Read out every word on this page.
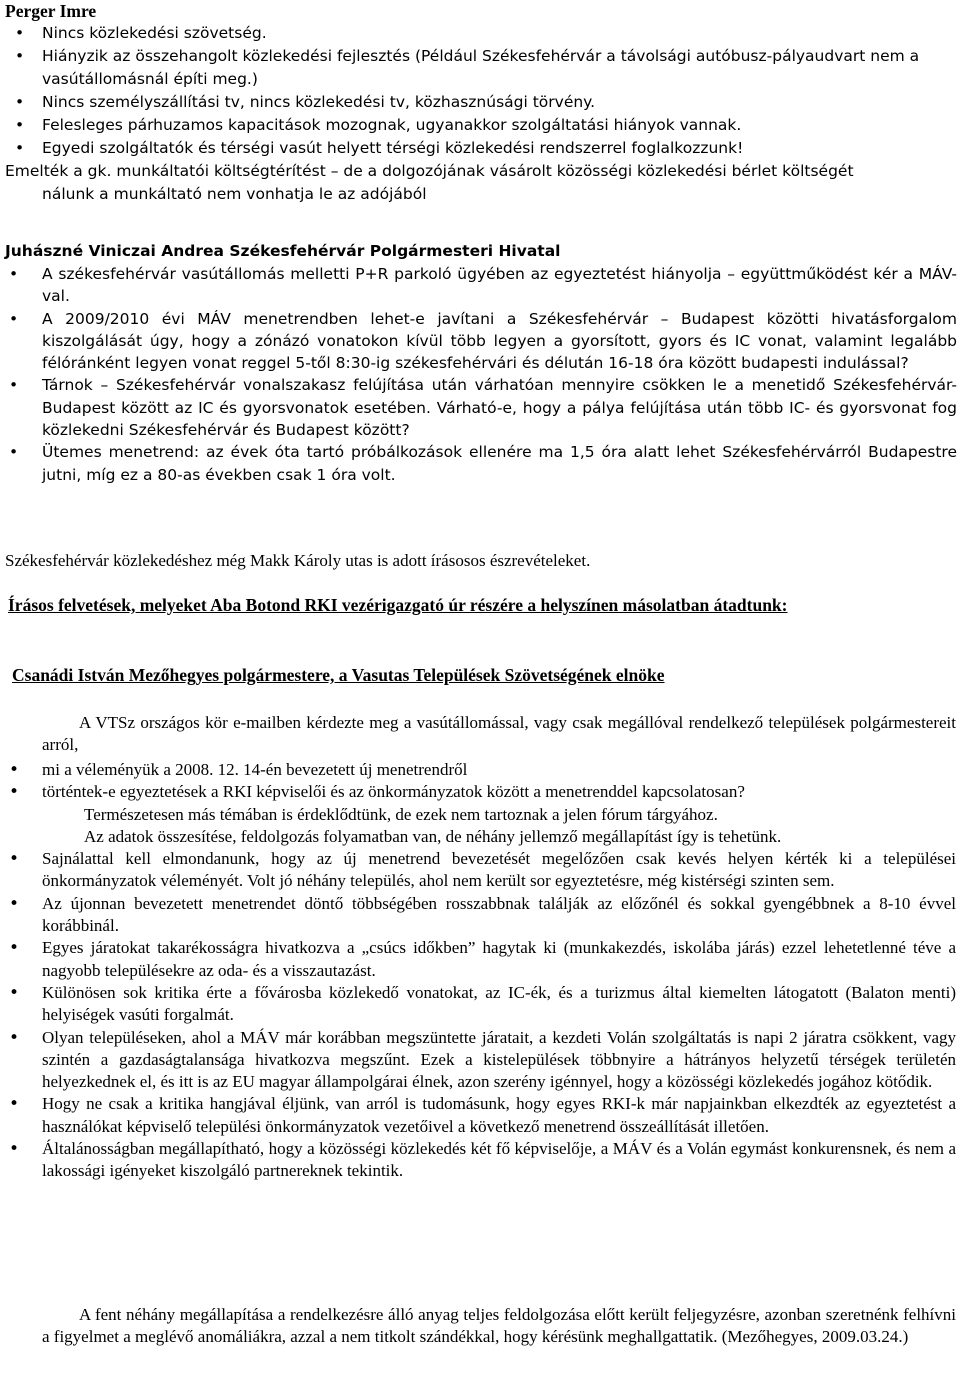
Perger Imre
• Nincs közlekedési szövetség.
• Hiányzik az összehangolt közlekedési fejlesztés (Például Székesfehérvár a távolsági autóbusz-pályaudvart nem a vasútállomásnál építi meg.)
• Nincs személyszállítási tv, nincs közlekedési tv, közhasznúsági törvény.
• Felesleges párhuzamos kapacitások mozognak, ugyanakkor szolgáltatási hiányok vannak.
• Egyedi szolgáltatók és térségi vasút helyett térségi közlekedési rendszerrel foglalkozzunk!
Emelték a gk. munkáltatói költségtérítést – de a dolgozójának vásárolt közösségi közlekedési bérlet költségét
nálunk a munkáltató nem vonhatja le az adójából
Juhászné Viniczai Andrea Székesfehérvár Polgármesteri Hivatal
• A székesfehérvár vasútállomás melletti P+R parkoló ügyében az egyeztetést hiányolja – együttműködést kér a MÁV-val.
• A 2009/2010 évi MÁV menetrendben lehet-e javítani a Székesfehérvár – Budapest közötti hivatásforgalom kiszolgálását úgy, hogy a zónázó vonatokon kívül több legyen a gyorsított, gyors és IC vonat, valamint legalább félóránként legyen vonat reggel 5-től 8:30-ig székesfehérvári és délután 16-18 óra között budapesti indulással?
• Tárnok – Székesfehérvár vonalszakasz felújítása után várhatóan mennyire csökken le a menetidő Székesfehérvár-Budapest között az IC és gyorsvonatok esetében. Várható-e, hogy a pálya felújítása után több IC- és gyorsvonat fog közlekedni Székesfehérvár és Budapest között?
• Ütemes menetrend: az évek óta tartó próbálkozások ellenére ma 1,5 óra alatt lehet Székesfehérvárról Budapestre jutni, míg ez a 80-as években csak 1 óra volt.

Székesfehérvár közlekedéshez még Makk Károly utas is adott írásosos észrevételeket.

Írásos felvetések, melyeket Aba Botond RKI vezérigazgató úr részére a helyszínen másolatban átadtunk:
Csanádi István Mezőhegyes polgármestere, a Vasutas Települések Szövetségének elnöke

A VTSz országos kör e-mailben kérdezte meg a vasútállomással, vagy csak megállóval rendelkező települések polgármestereit arról,

• mi a véleményük a 2008. 12. 14-én bevezetett új menetrendről
• történtek-e egyeztetések a RKI képviselői és az önkormányzatok között a menetrenddel kapcsolatosan?

Természetesen más témában is érdeklődtünk, de ezek nem tartoznak a jelen fórum tárgyához.

Az adatok összesítése, feldolgozás folyamatban van, de néhány jellemző megállapítást így is tehetünk.

• Sajnálattal kell elmondanunk, hogy az új menetrend bevezetését megelőzően csak kevés helyen kérték ki a települései önkormányzatok véleményét. Volt jó néhány település, ahol nem került sor egyeztetésre, még kistérségi szinten sem.
• Az újonnan bevezetett menetrendet döntő többségében rosszabbnak találják az előzőnél és sokkal gyengébbnek a 8-10 évvel korábbinál.
• Egyes járatokat takarékosságra hivatkozva a „csúcs időkben” hagytak ki (munkakezdés, iskolába járás) ezzel lehetetlenné téve a nagyobb településekre az oda- és a visszautazást.
• Különösen sok kritika érte a fővárosba közlekedő vonatokat, az IC-ék, és a turizmus által kiemelten látogatott (Balaton menti) helyiségek vasúti forgalmát.
• Olyan településeken, ahol a MÁV már korábban megszüntette járatait, a kezdeti Volán szolgáltatás is napi 2 járatra csökkent, vagy szintén a gazdaságtalansága hivatkozva megszűnt. Ezek a kistelepülések többnyire a hátrányos helyzetű térségek területén helyezkednek el, és itt is az EU magyar állampolgárai élnek, azon szerény igénnyel, hogy a közösségi közlekedés jogához kötődik.
• Hogy ne csak a kritika hangjával éljünk, van arról is tudomásunk, hogy egyes RKI-k már napjainkban elkezdték az egyeztetést a használókat képviselő települési önkormányzatok vezetőivel a következő menetrend összeállítását illetően.
• Általánosságban megállapítható, hogy a közösségi közlekedés két fő képviselője, a MÁV és a Volán egymást konkurensnek, és nem a lakossági igényeket kiszolgáló partnereknek tekintik.

A fent néhány megállapítása a rendelkezésre álló anyag teljes feldolgozása előtt került feljegyzésre, azonban szeretnénk felhívni a figyelmet a meglévő anomáliákra, azzal a nem titkolt szándékkal, hogy kérésünk meghallgattatik. (Mezőhegyes, 2009.03.24.)
